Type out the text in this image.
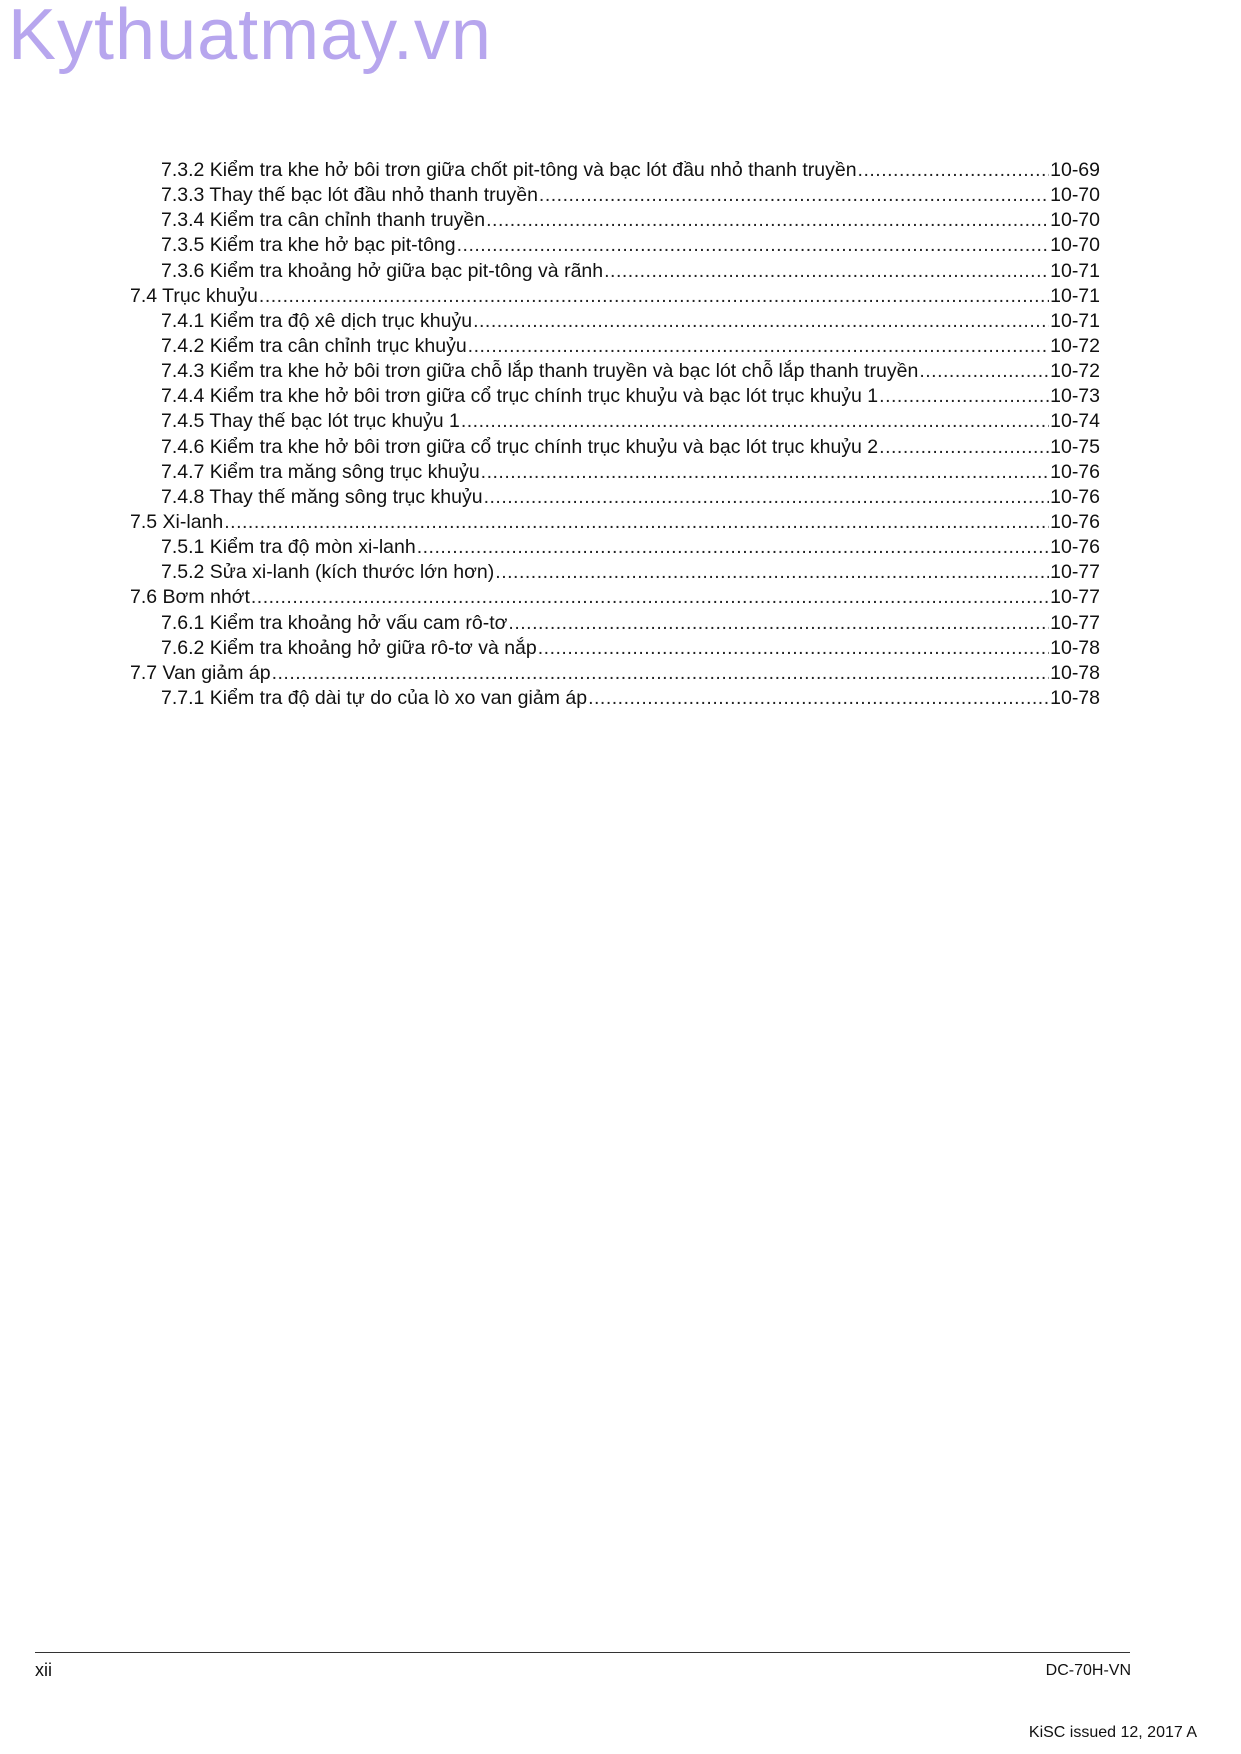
Kythuatmay.vn
7.3.2 Kiểm tra khe hở bôi trơn giữa chốt pit-tông và bạc lót đầu nhỏ thanh truyền .....	10-69
7.3.3 Thay thế bạc lót đầu nhỏ thanh truyền .....	10-70
7.3.4 Kiểm tra cân chỉnh thanh truyền .....	10-70
7.3.5 Kiểm tra khe hở bạc pit-tông .....	10-70
7.3.6 Kiểm tra khoảng hở giữa bạc pit-tông và rãnh .....	10-71
7.4 Trục khuỷu .....	10-71
7.4.1 Kiểm tra độ xê dịch trục khuỷu .....	10-71
7.4.2 Kiểm tra cân chỉnh trục khuỷu .....	10-72
7.4.3 Kiểm tra khe hở bôi trơn giữa chỗ lắp thanh truyền và bạc lót chỗ lắp thanh truyền .....	10-72
7.4.4 Kiểm tra khe hở bôi trơn giữa cổ trục chính trục khuỷu và bạc lót trục khuỷu 1 .....	10-73
7.4.5 Thay thế bạc lót trục khuỷu 1 .....	10-74
7.4.6 Kiểm tra khe hở bôi trơn giữa cổ trục chính trục khuỷu và bạc lót trục khuỷu 2 .....	10-75
7.4.7 Kiểm tra măng sông trục khuỷu .....	10-76
7.4.8 Thay thế măng sông trục khuỷu .....	10-76
7.5 Xi-lanh .....	10-76
7.5.1 Kiểm tra độ mòn xi-lanh .....	10-76
7.5.2 Sửa xi-lanh (kích thước lớn hơn) .....	10-77
7.6 Bơm nhớt .....	10-77
7.6.1 Kiểm tra khoảng hở vấu cam rô-tơ .....	10-77
7.6.2 Kiểm tra khoảng hở giữa rô-tơ và nắp .....	10-78
7.7 Van giảm áp .....	10-78
7.7.1 Kiểm tra độ dài tự do của lò xo van giảm áp .....	10-78
xii	DC-70H-VN
KiSC issued 12, 2017 A
